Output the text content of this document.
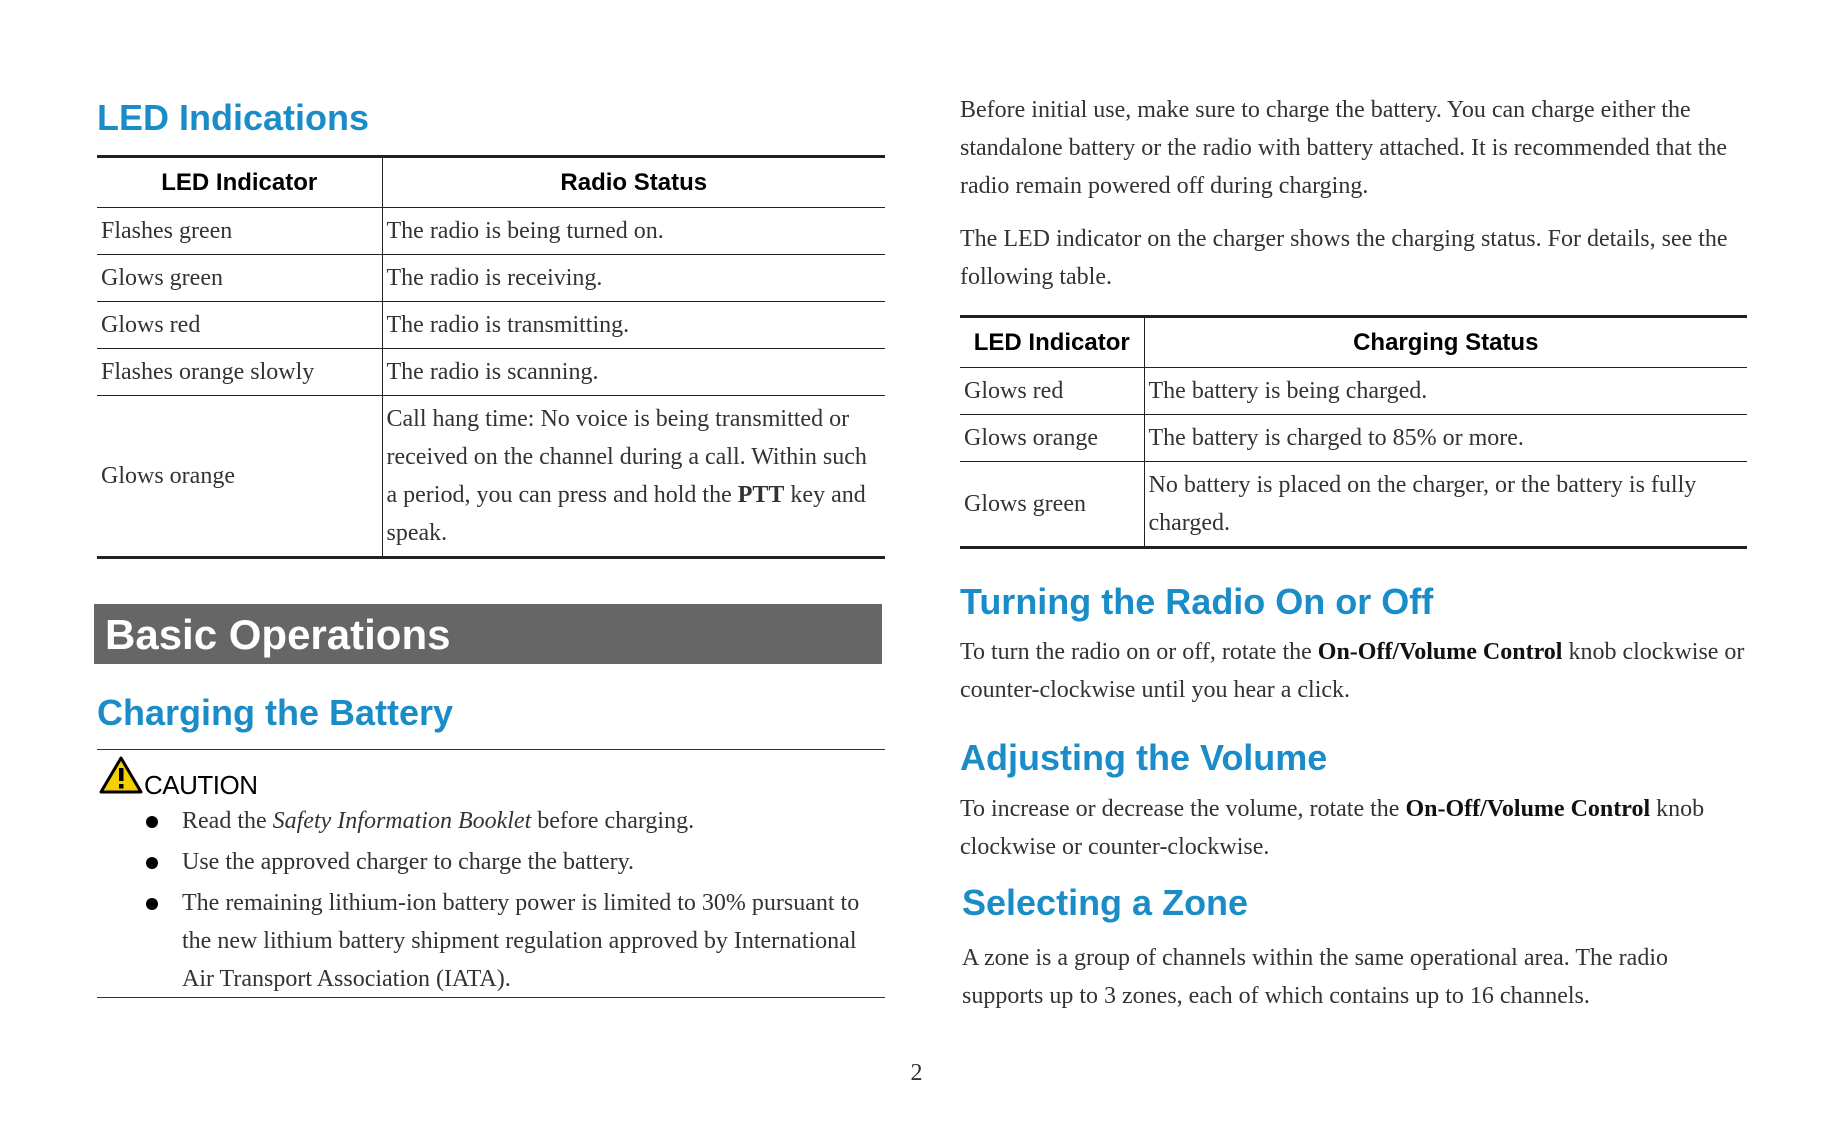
LED Indications
LED Indicator	Radio Status
Flashes green	The radio is being turned on.
Glows green	The radio is receiving.
Glows red	The radio is transmitting.
Flashes orange slowly	The radio is scanning.
Glows orange	Call hang time: No voice is being transmitted or received on the channel during a call. Within such a period, you can press and hold the PTT key and speak.
Basic Operations
Charging the Battery
CAUTION
Read the Safety Information Booklet before charging.
Use the approved charger to charge the battery.
The remaining lithium-ion battery power is limited to 30% pursuant to the new lithium battery shipment regulation approved by International Air Transport Association (IATA).

Before initial use, make sure to charge the battery. You can charge either the standalone battery or the radio with battery attached. It is recommended that the radio remain powered off during charging.

The LED indicator on the charger shows the charging status. For details, see the following table.

LED Indicator	Charging Status
Glows red	The battery is being charged.
Glows orange	The battery is charged to 85% or more.
Glows green	No battery is placed on the charger, or the battery is fully charged.
Turning the Radio On or Off

To turn the radio on or off, rotate the On-Off/Volume Control knob clockwise or counter-clockwise until you hear a click.

Adjusting the Volume

To increase or decrease the volume, rotate the On-Off/Volume Control knob clockwise or counter-clockwise.

Selecting a Zone

A zone is a group of channels within the same operational area. The radio supports up to 3 zones, each of which contains up to 16 channels.

2
